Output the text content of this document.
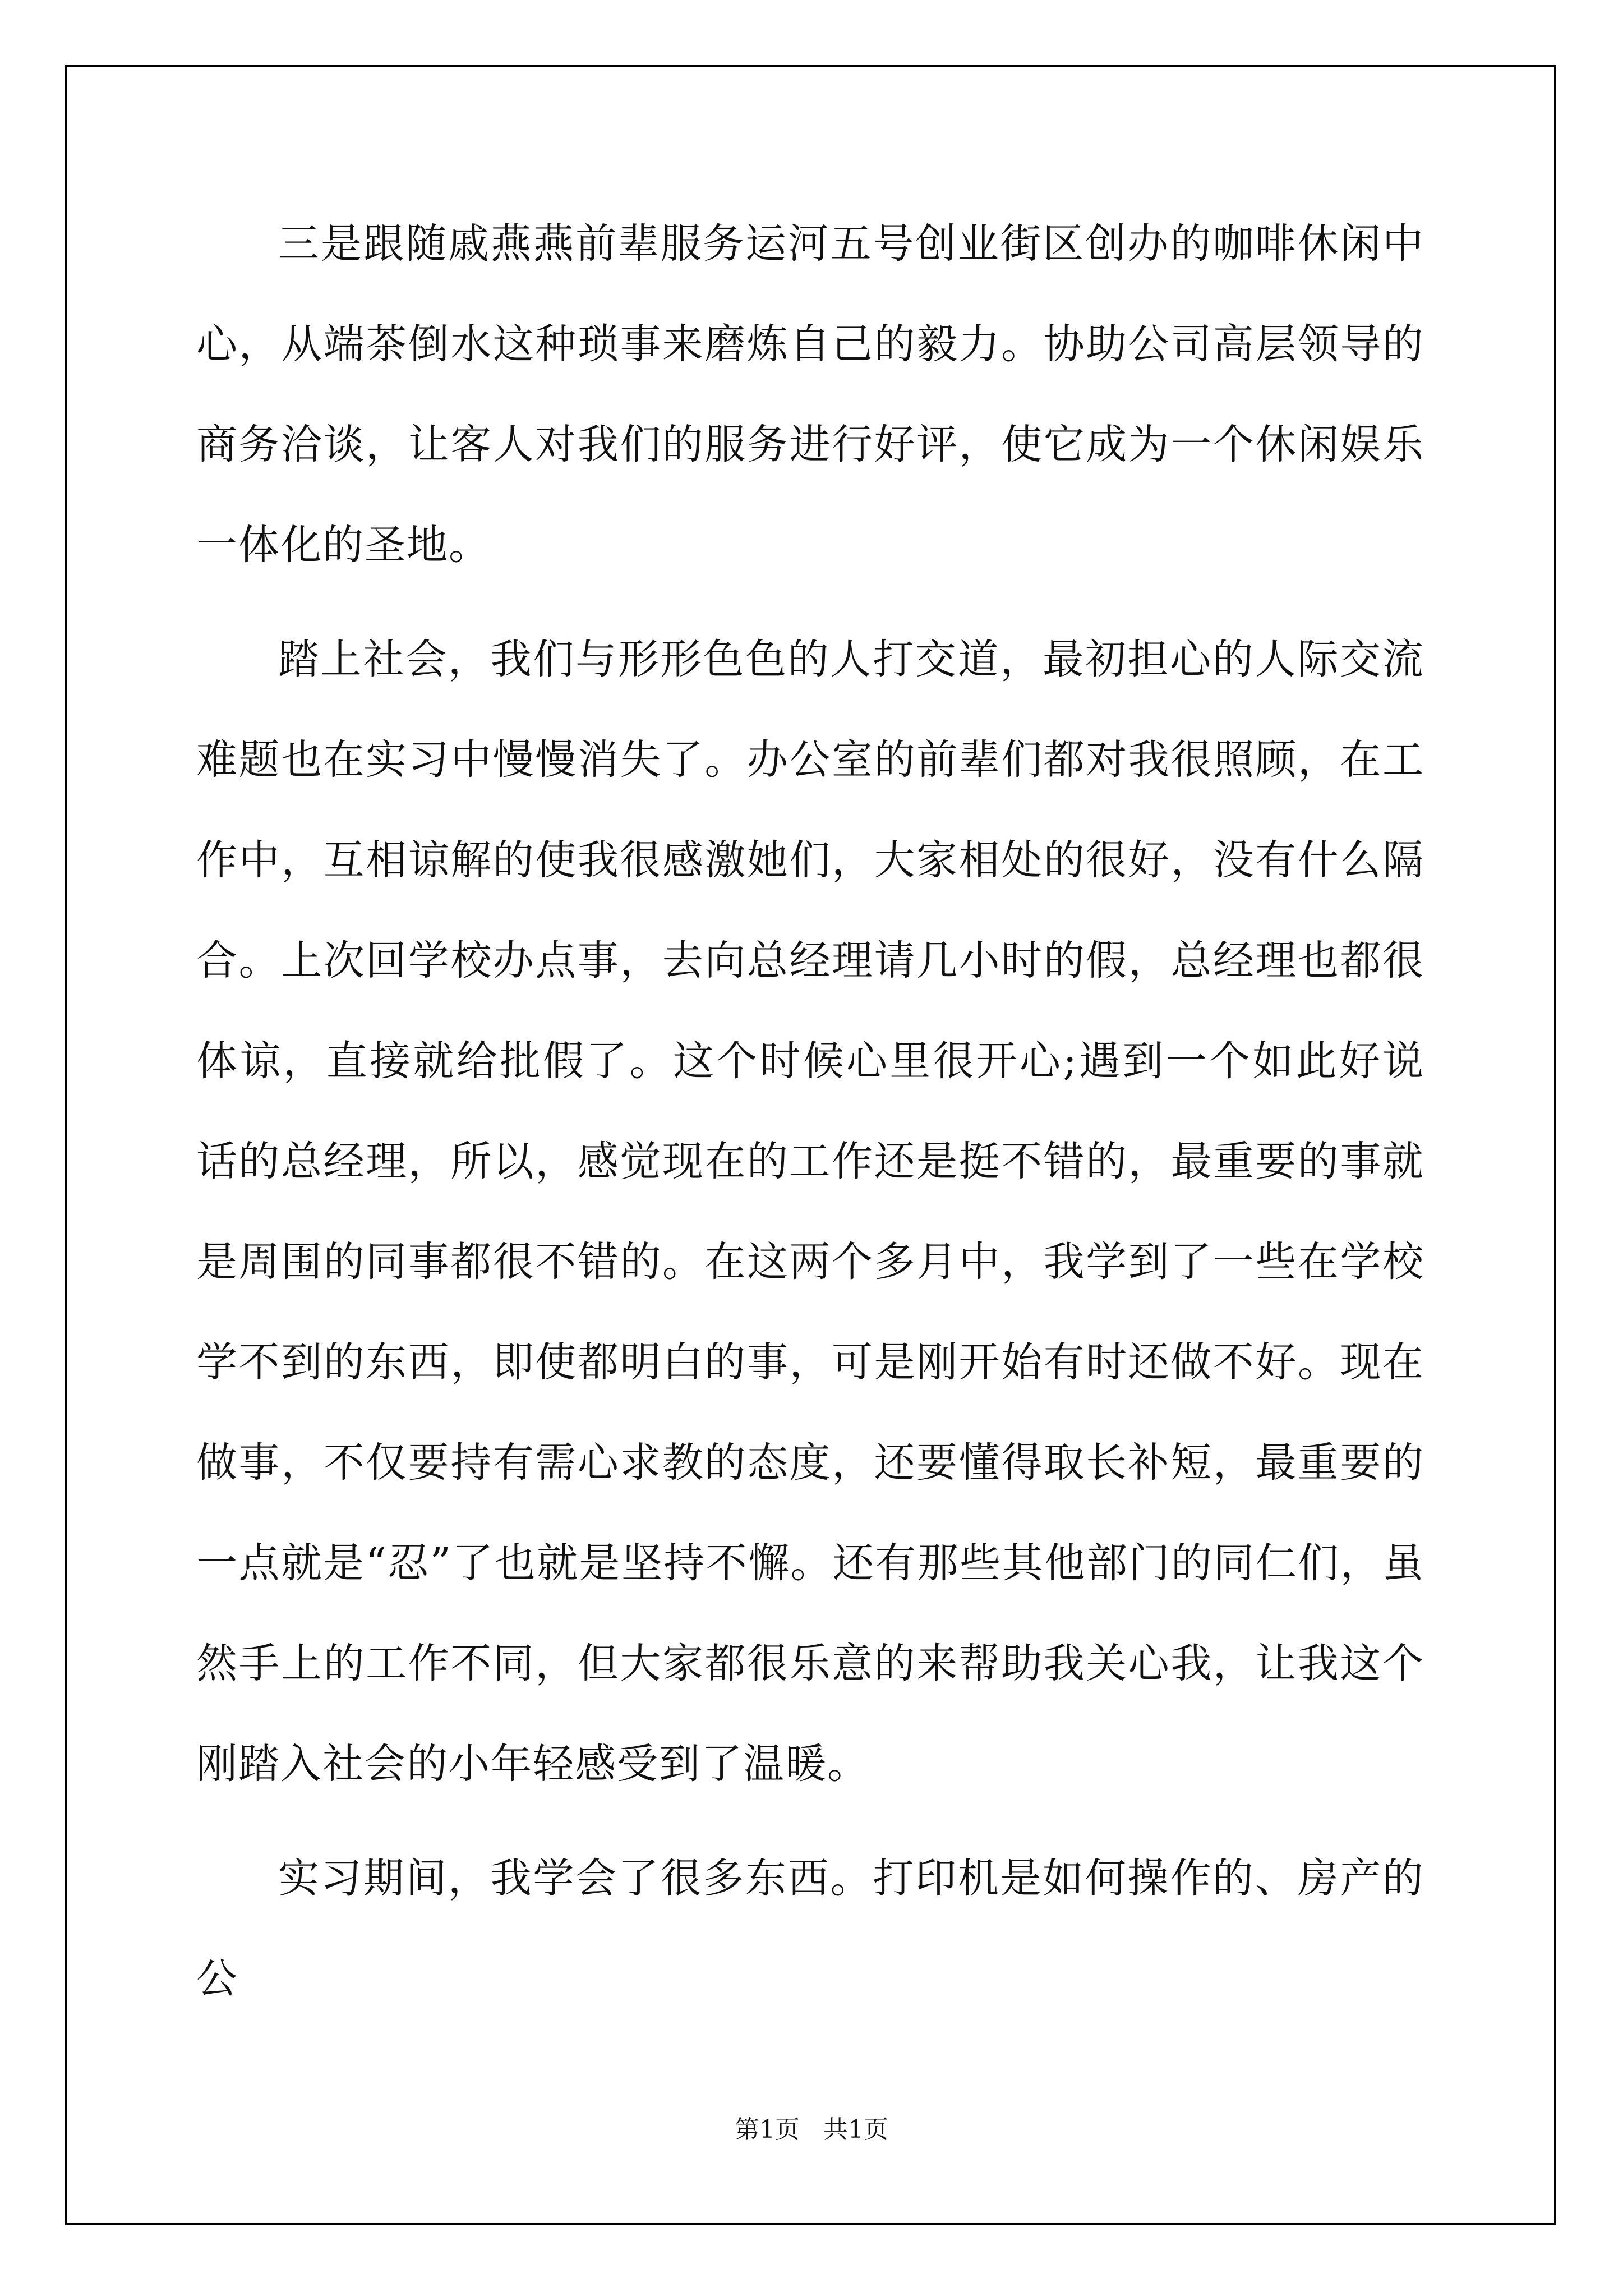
三是跟随戚燕燕前辈服务运河五号创业街区创办的咖啡休闲中心，从端茶倒水这种琐事来磨炼自己的毅力。协助公司高层领导的商务洽谈，让客人对我们的服务进行好评，使它成为一个休闲娱乐一体化的圣地。

踏上社会，我们与形形色色的人打交道，最初担心的人际交流难题也在实习中慢慢消失了。办公室的前辈们都对我很照顾，在工作中，互相谅解的使我很感激她们，大家相处的很好，没有什么隔合。上次回学校办点事，去向总经理请几小时的假，总经理也都很体谅，直接就给批假了。这个时候心里很开心;遇到一个如此好说话的总经理，所以，感觉现在的工作还是挺不错的，最重要的事就是周围的同事都很不错的。在这两个多月中，我学到了一些在学校学不到的东西，即使都明白的事，可是刚开始有时还做不好。现在做事，不仅要持有需心求教的态度，还要懂得取长补短，最重要的一点就是“忍”了也就是坚持不懈。还有那些其他部门的同仁们，虽然手上的工作不同，但大家都很乐意的来帮助我关心我，让我这个刚踏入社会的小年轻感受到了温暖。

实习期间，我学会了很多东西。打印机是如何操作的、房产的公

第1页   共1页
